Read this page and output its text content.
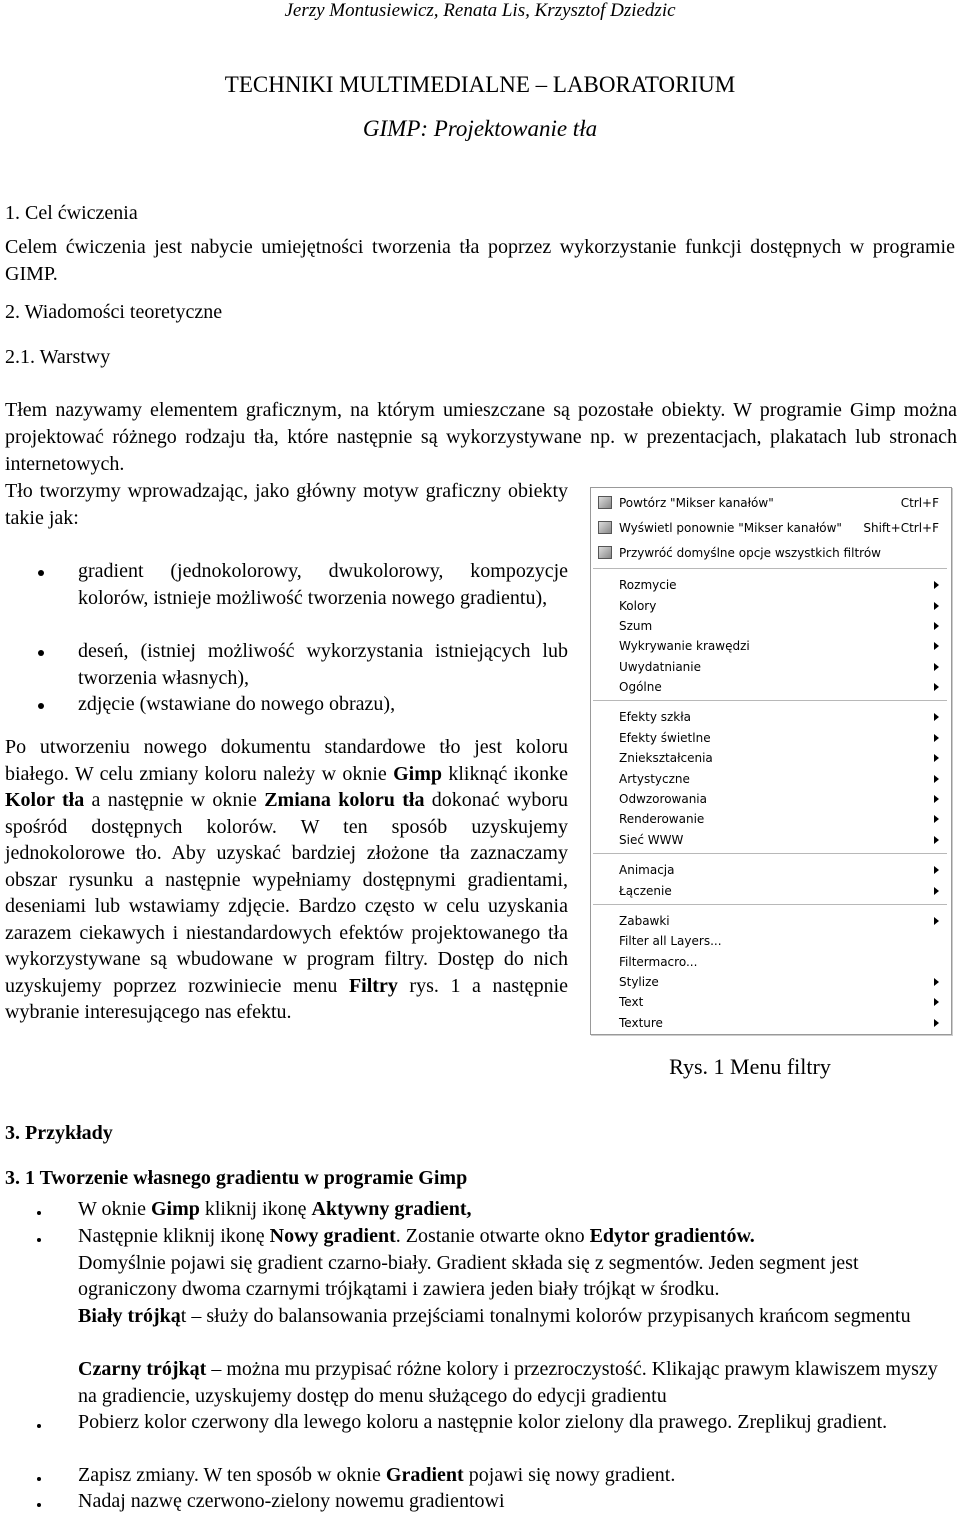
Jerzy Montusiewicz, Renata Lis, Krzysztof Dziedzic
TECHNIKI MULTIMEDIALNE – LABORATORIUM
GIMP: Projektowanie tła
1. Cel ćwiczenia
Celem ćwiczenia jest nabycie umiejętności tworzenia tła poprzez wykorzystanie funkcji dostępnych w programie GIMP.
2. Wiadomości teoretyczne
2.1. Warstwy
Tłem nazywamy elementem graficznym, na którym umieszczane są pozostałe obiekty. W programie Gimp można projektować różnego rodzaju tła, które następnie są wykorzystywane np. w prezentacjach, plakatach lub stronach internetowych.
Tło tworzymy wprowadzając, jako główny motyw graficzny obiekty takie jak:
gradient (jednokolorowy, dwukolorowy, kompozycje kolorów, istnieje możliwość tworzenia nowego gradientu),
deseń, (istniej możliwość wykorzystania istniejących lub tworzenia własnych),
zdjęcie (wstawiane do nowego obrazu),
Po utworzeniu nowego dokumentu standardowe tło jest koloru białego. W celu zmiany koloru należy w oknie Gimp kliknąć ikonke Kolor tła a następnie w oknie Zmiana koloru tła dokonać wyboru spośród dostępnych kolorów. W ten sposób uzyskujemy jednokolorowe tło. Aby uzyskać bardziej złożone tła zaznaczamy obszar rysunku a następnie wypełniamy dostępnymi gradientami, deseniami lub wstawiamy zdjęcie. Bardzo często w celu uzyskania zarazem ciekawych i niestandardowych efektów projektowanego tła wykorzystywane są wbudowane w program filtry. Dostęp do nich uzyskujemy poprzez rozwiniecie menu Filtry rys. 1 a następnie wybranie interesującego nas efektu.
Powtórz "Mikser kanałów"	Ctrl+F
Wyświetl ponownie "Mikser kanałów" Shift+Ctrl+F
Przywróć domyślne opcje wszystkich filtrów
Rozmycie
Kolory
Szum
Wykrywanie krawędzi
Uwydatnianie
Ogólne
Efekty szkła
Efekty świetlne
Zniekształcenia
Artystyczne
Odwzorowania
Renderowanie
Sieć WWW
Animacja
Łączenie
Zabawki
Filter all Layers...
Filtermacro...
Stylize
Text
Texture
Rys. 1 Menu filtry
3. Przykłady
3. 1 Tworzenie własnego gradientu w programie Gimp
W oknie Gimp kliknij ikonę Aktywny gradient,
Następnie kliknij ikonę Nowy gradient. Zostanie otwarte okno Edytor gradientów.
Domyślnie pojawi się gradient czarno-biały. Gradient składa się z segmentów. Jeden segment jest ograniczony dwoma czarnymi trójkątami i zawiera jeden biały trójkąt w środku.
Biały trójkąt – służy do balansowania przejściami tonalnymi kolorów przypisanych krańcom segmentu
Czarny trójkąt – można mu przypisać różne kolory i przezroczystość. Klikając prawym klawiszem myszy na gradiencie, uzyskujemy dostęp do menu służącego do edycji gradientu
Pobierz kolor czerwony dla lewego koloru a następnie kolor zielony dla prawego. Zreplikuj gradient.
Zapisz zmiany. W ten sposób w oknie Gradient pojawi się nowy gradient.
Nadaj nazwę czerwono-zielony nowemu gradientowi
